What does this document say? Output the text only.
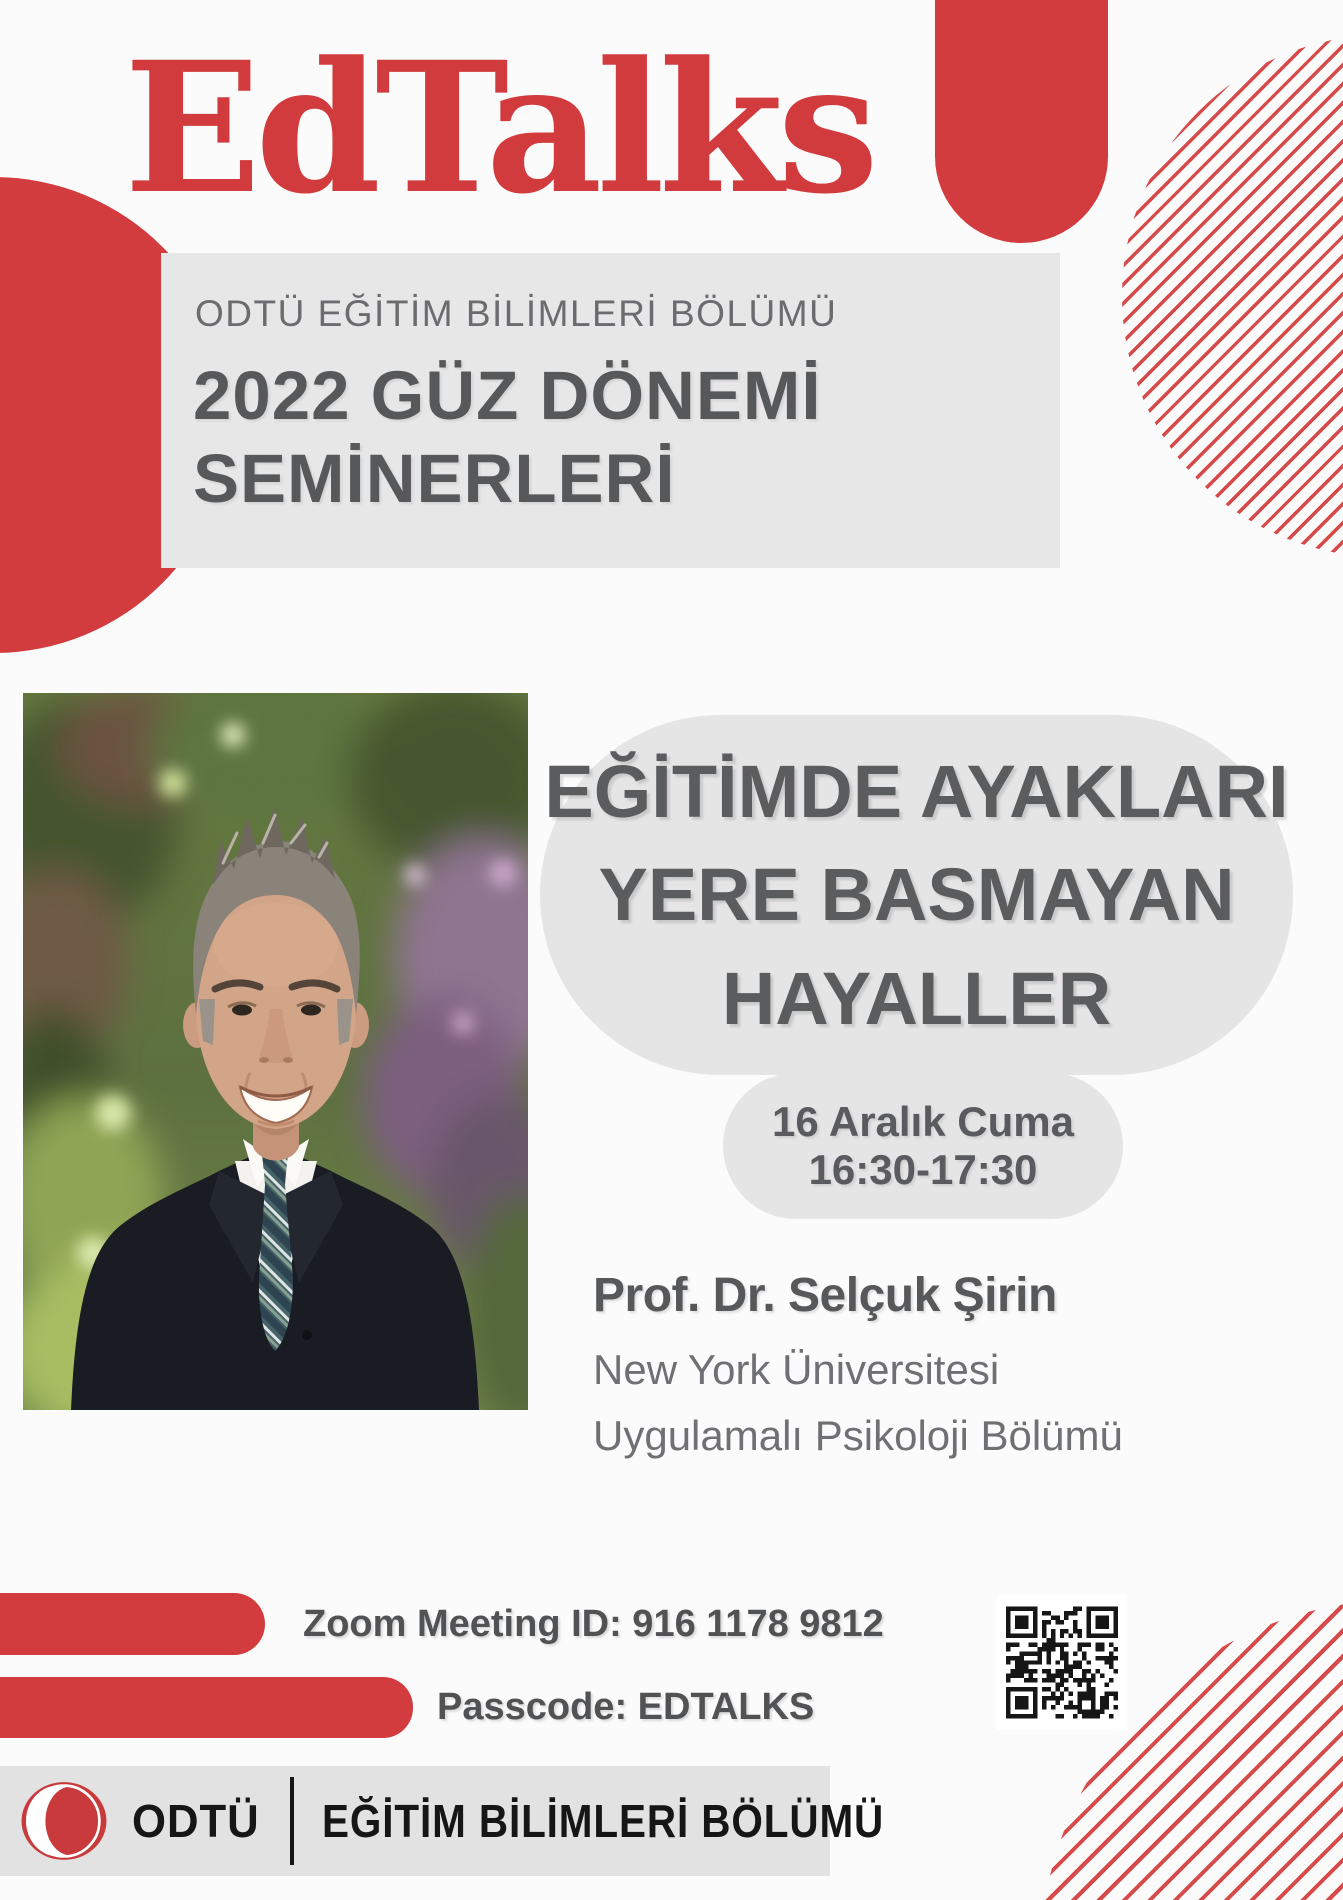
EdTalks
ODTÜ EĞİTİM BİLİMLERİ BÖLÜMÜ
2022 GÜZ DÖNEMİ
SEMİNERLERİ
EĞİTİMDE AYAKLARI
YERE BASMAYAN
HAYALLER
16 Aralık Cuma
16:30-17:30
Prof. Dr. Selçuk Şirin
New York Üniversitesi
Uygulamalı Psikoloji Bölümü
Zoom Meeting ID: 916 1178 9812
Passcode: EDTALKS
ODTÜ EĞİTİM BİLİMLERİ BÖLÜMÜ
